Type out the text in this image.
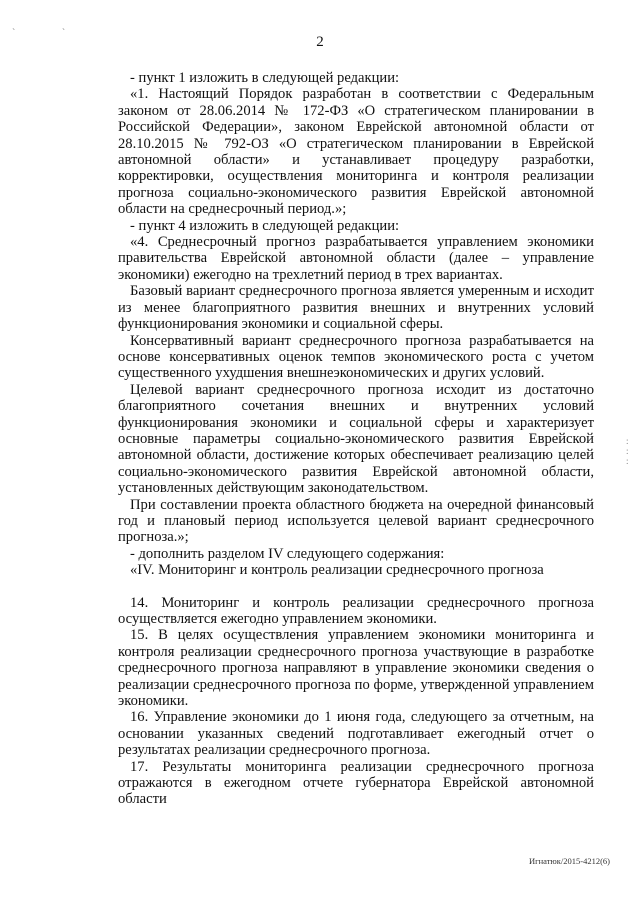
` `
2

- пункт 1 изложить в следующей редакции:

«1. Настоящий Порядок разработан в соответствии с Федеральным законом от 28.06.2014 № 172-ФЗ «О стратегическом планировании в Российской Федерации», законом Еврейской автономной области от 28.10.2015 № 792-ОЗ «О стратегическом планировании в Еврейской автономной области» и устанавливает процедуру разработки, корректировки, осуществления мониторинга и контроля реализации прогноза социально-экономического развития Еврейской автономной области на среднесрочный период.»;

- пункт 4 изложить в следующей редакции:

«4. Среднесрочный прогноз разрабатывается управлением экономики правительства Еврейской автономной области (далее – управление экономики) ежегодно на трехлетний период в трех вариантах.

Базовый вариант среднесрочного прогноза является умеренным и исходит из менее благоприятного развития внешних и внутренних условий функционирования экономики и социальной сферы.

Консервативный вариант среднесрочного прогноза разрабатывается на основе консервативных оценок темпов экономического роста с учетом существенного ухудшения внешнеэкономических и других условий.

Целевой вариант среднесрочного прогноза исходит из достаточно благоприятного сочетания внешних и внутренних условий функционирования экономики и социальной сферы и характеризует основные параметры социально-экономического развития Еврейской автономной области, достижение которых обеспечивает реализацию целей социально-экономического развития Еврейской автономной области, установленных действующим законодательством.

При составлении проекта областного бюджета на очередной финансовый год и плановый период используется целевой вариант среднесрочного прогноза.»;

- дополнить разделом IV следующего содержания:

«IV. Мониторинг и контроль реализации среднесрочного прогноза

14. Мониторинг и контроль реализации среднесрочного прогноза осуществляется ежегодно управлением экономики.

15. В целях осуществления управлением экономики мониторинга и контроля реализации среднесрочного прогноза участвующие в разработке среднесрочного прогноза направляют в управление экономики сведения о реализации среднесрочного прогноза по форме, утвержденной управлением экономики.

16. Управление экономики до 1 июня года, следующего за отчетным, на основании указанных сведений подготавливает ежегодный отчет о результатах реализации среднесрочного прогноза.

17. Результаты мониторинга реализации среднесрочного прогноза отражаются в ежегодном отчете губернатора Еврейской автономной области

:
:
:
Игнатюк/2015-4212(6)
